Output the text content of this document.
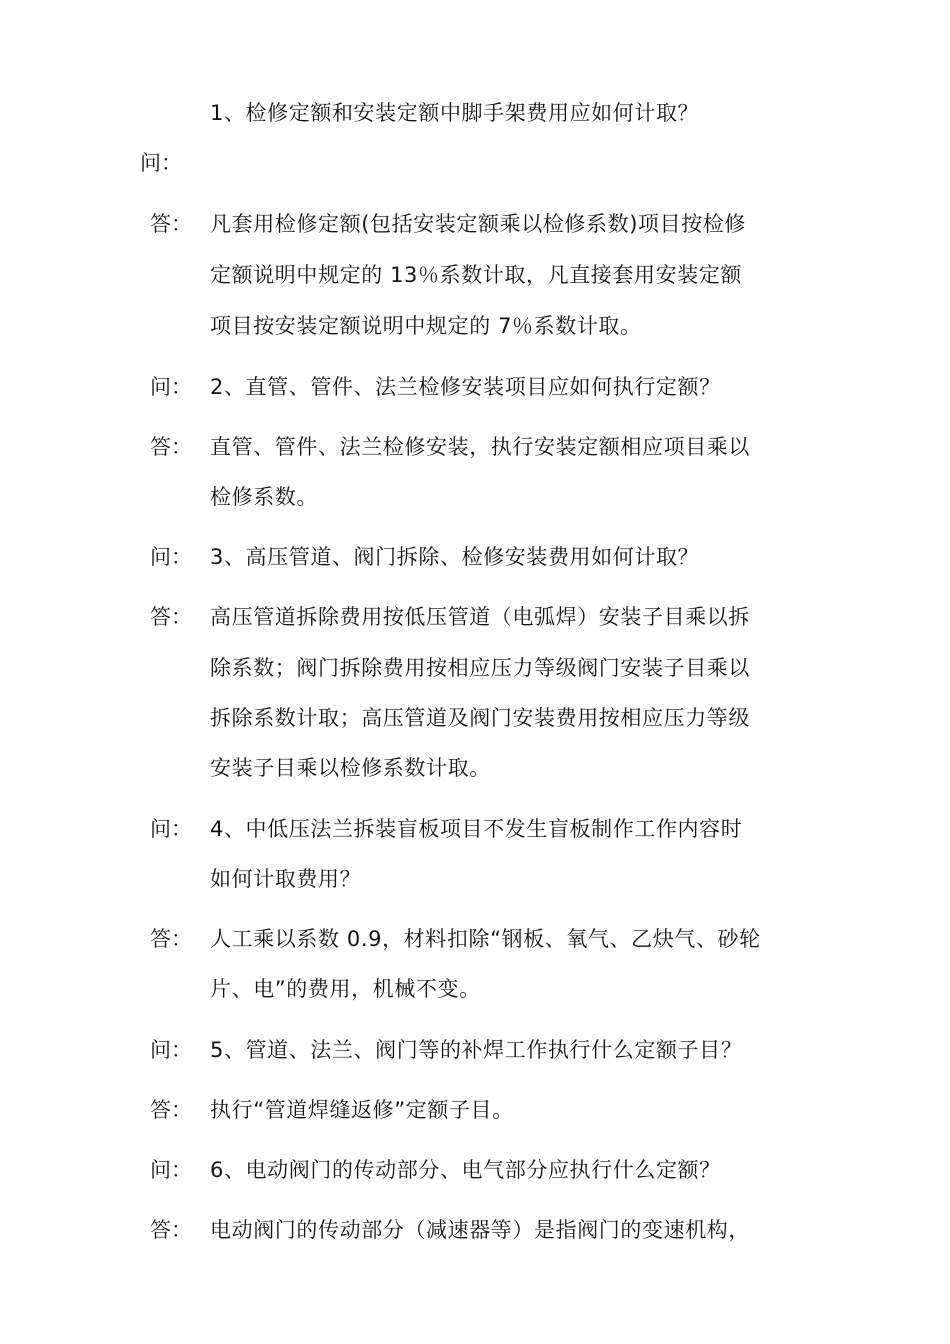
1、检修定额和安装定额中脚手架费用应如何计取？
问：
答： 凡套用检修定额(包括安装定额乘以检修系数)项目按检修
定额说明中规定的 13％系数计取，凡直接套用安装定额
项目按安装定额说明中规定的 7％系数计取。
问： 2、直管、管件、法兰检修安装项目应如何执行定额？
答： 直管、管件、法兰检修安装，执行安装定额相应项目乘以
检修系数。
问： 3、高压管道、阀门拆除、检修安装费用如何计取？
答： 高压管道拆除费用按低压管道（电弧焊）安装子目乘以拆
除系数；阀门拆除费用按相应压力等级阀门安装子目乘以
拆除系数计取；高压管道及阀门安装费用按相应压力等级
安装子目乘以检修系数计取。
问： 4、中低压法兰拆装盲板项目不发生盲板制作工作内容时
如何计取费用？
答： 人工乘以系数 0.9，材料扣除“钢板、氧气、乙炔气、砂轮
片、电”的费用，机械不变。
问： 5、管道、法兰、阀门等的补焊工作执行什么定额子目？
答： 执行“管道焊缝返修”定额子目。
问： 6、电动阀门的传动部分、电气部分应执行什么定额？
答： 电动阀门的传动部分（减速器等）是指阀门的变速机构，
